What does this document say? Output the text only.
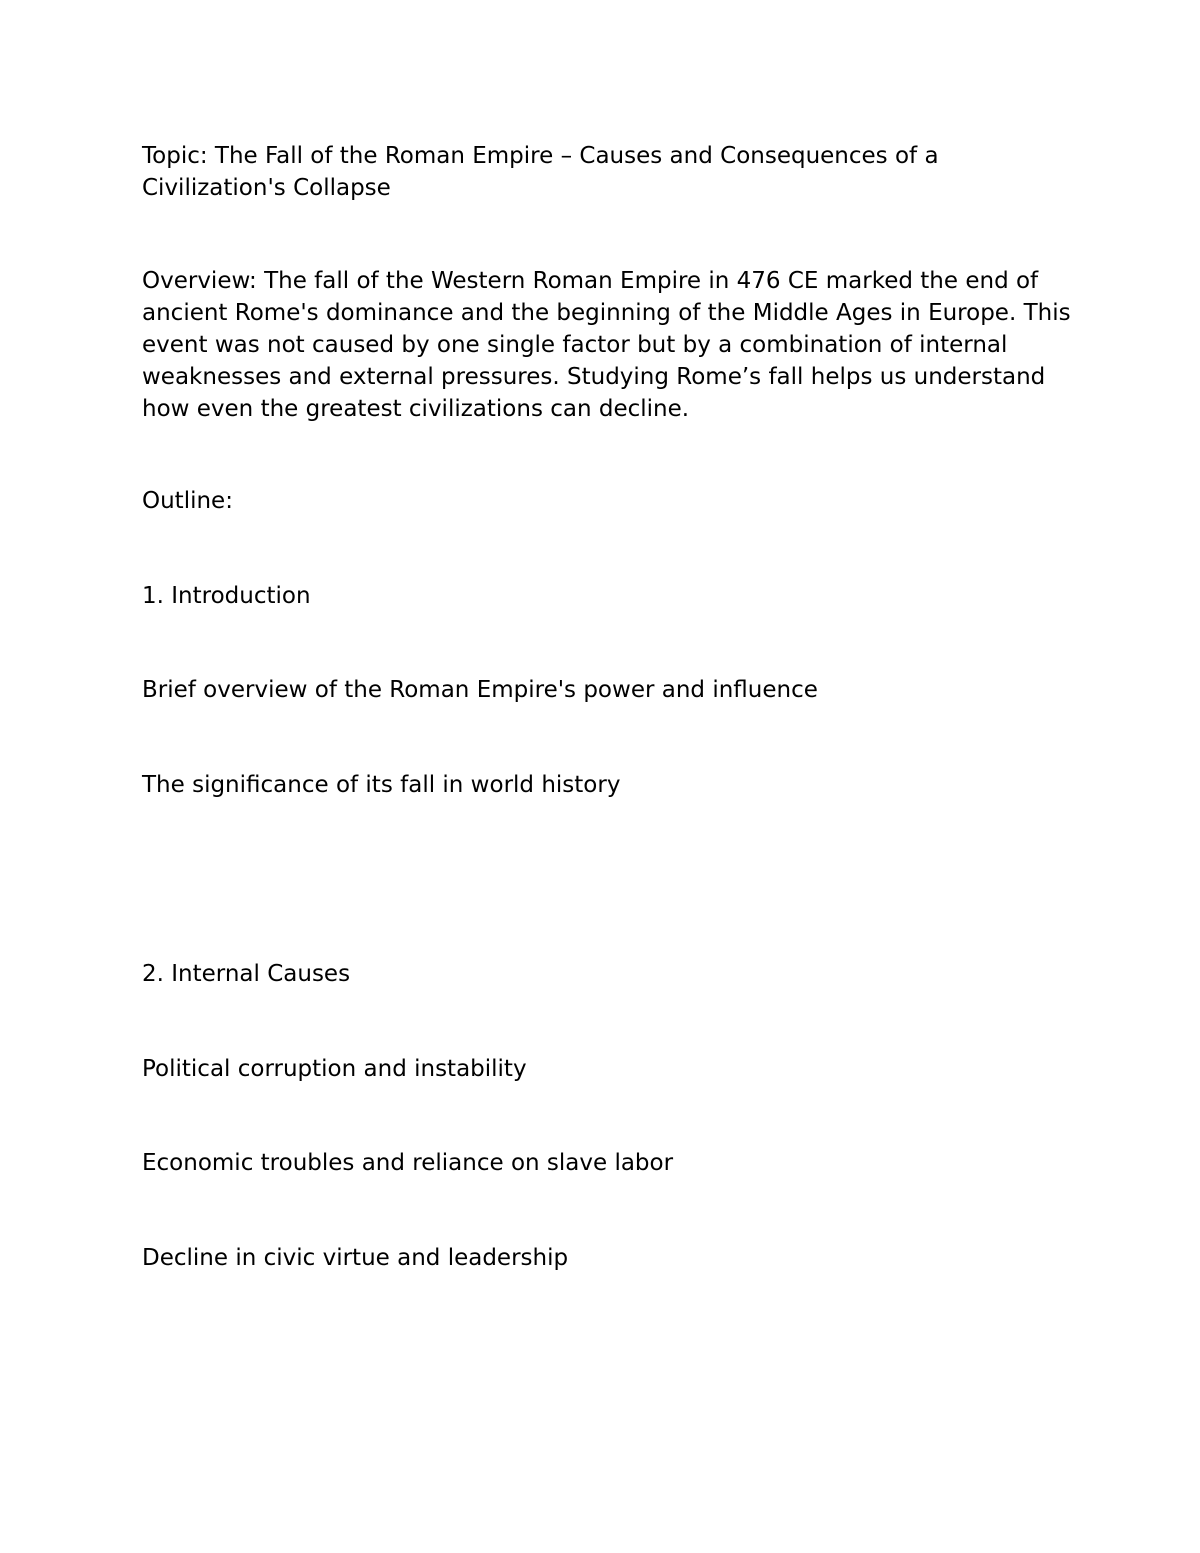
Topic: The Fall of the Roman Empire – Causes and Consequences of a Civilization's Collapse

Overview: The fall of the Western Roman Empire in 476 CE marked the end of ancient Rome's dominance and the beginning of the Middle Ages in Europe. This event was not caused by one single factor but by a combination of internal weaknesses and external pressures. Studying Rome’s fall helps us understand how even the greatest civilizations can decline.

Outline:

1. Introduction

Brief overview of the Roman Empire's power and influence

The significance of its fall in world history

2. Internal Causes

Political corruption and instability

Economic troubles and reliance on slave labor

Decline in civic virtue and leadership
